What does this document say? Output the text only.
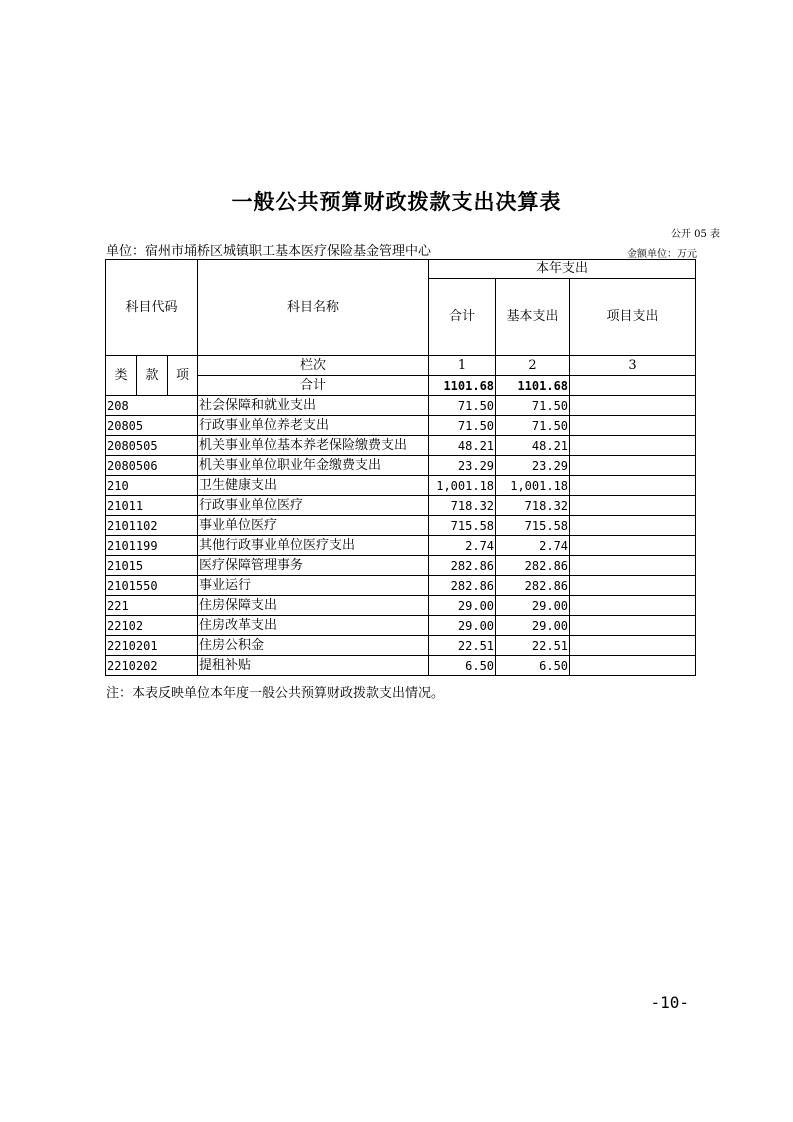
一般公共预算财政拨款支出决算表
公开 05 表
单位：宿州市埇桥区城镇职工基本医疗保险基金管理中心	金额单位：万元
科目代码			科目名称	本年支出		
				合计	基本支出	项目支出

类	款	项	栏次	1	2	3
			合计	1101.68	1101.68	
208			社会保障和就业支出	71.50	71.50	
20805			行政事业单位养老支出	71.50	71.50	
2080505			机关事业单位基本养老保险缴费支出	48.21	48.21	
2080506			机关事业单位职业年金缴费支出	23.29	23.29	
210			卫生健康支出	1,001.18	1,001.18	
21011			行政事业单位医疗	718.32	718.32	
2101102			事业单位医疗	715.58	715.58	
2101199			其他行政事业单位医疗支出	2.74	2.74	
21015			医疗保障管理事务	282.86	282.86	
2101550			事业运行	282.86	282.86	
221			住房保障支出	29.00	29.00	
22102			住房改革支出	29.00	29.00	
2210201			住房公积金	22.51	22.51	
2210202			提租补贴	6.50	6.50	
注：本表反映单位本年度一般公共预算财政拨款支出情况。
-10-
